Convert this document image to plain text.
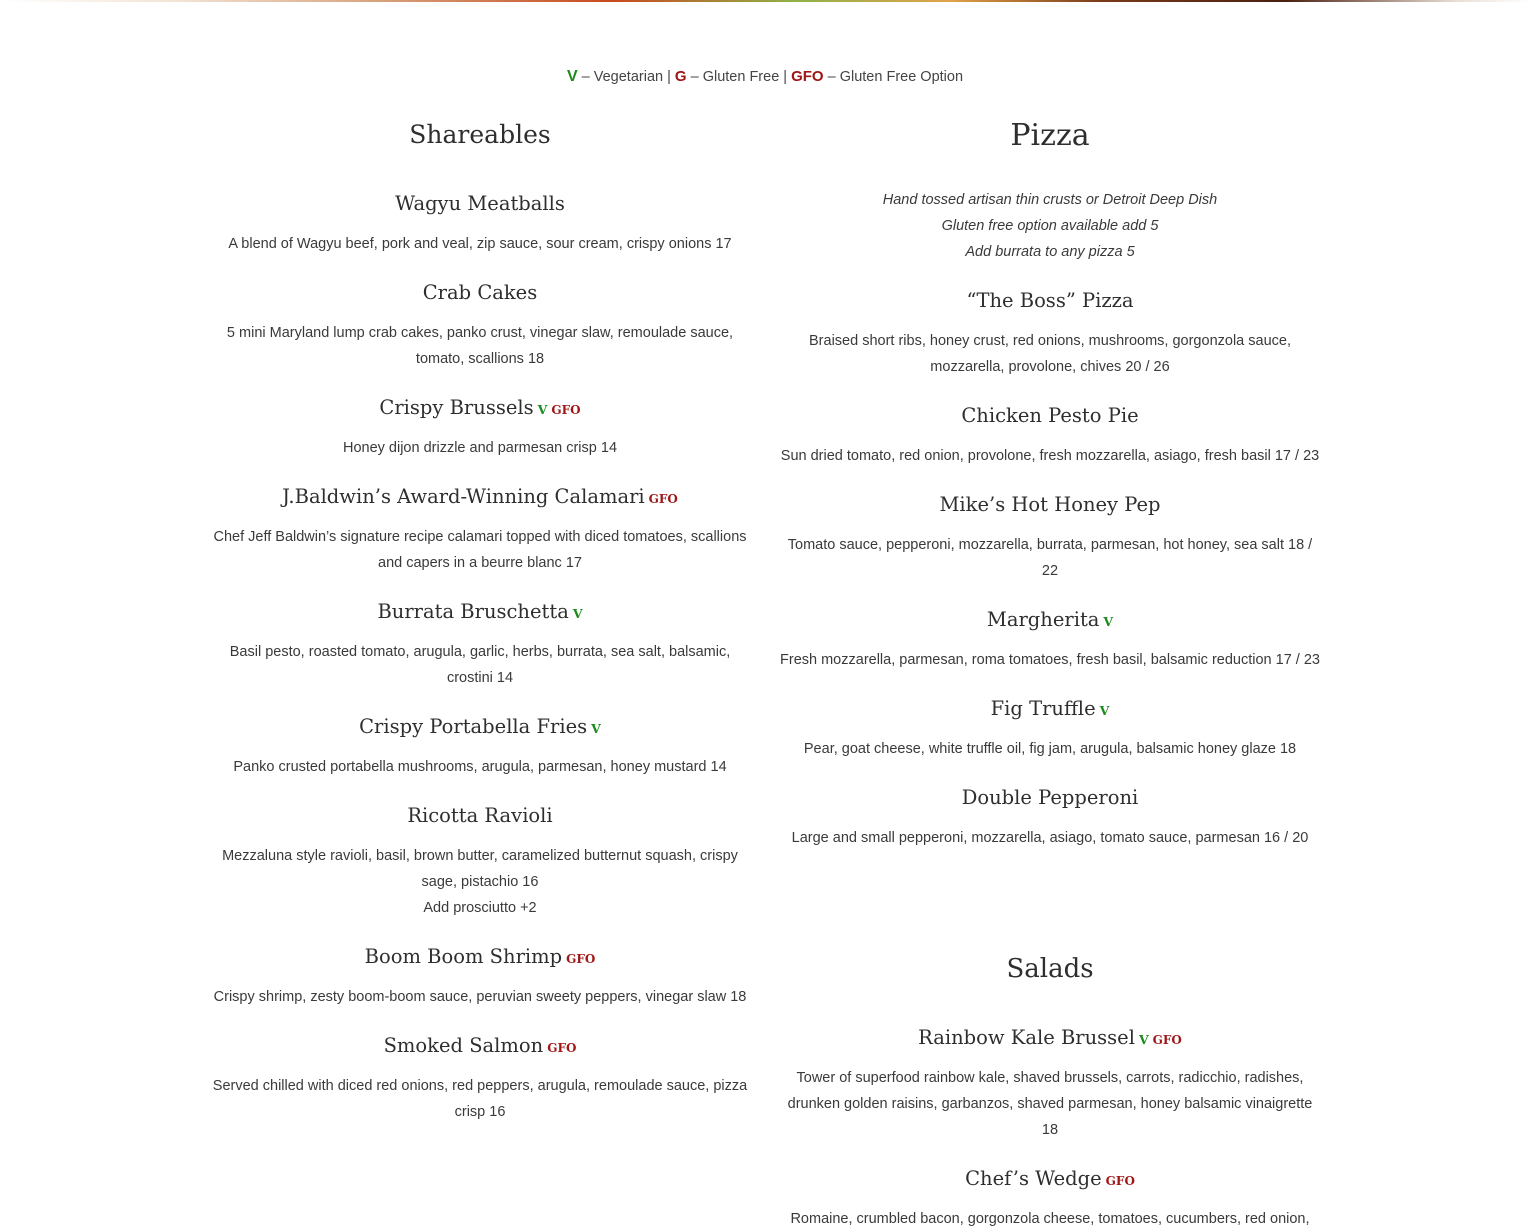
V – Vegetarian | G – Gluten Free | GFO – Gluten Free Option
Shareables
Wagyu Meatballs
A blend of Wagyu beef, pork and veal, zip sauce, sour cream, crispy onions 17
Crab Cakes
5 mini Maryland lump crab cakes, panko crust, vinegar slaw, remoulade sauce, tomato, scallions 18
Crispy Brussels V GFO
Honey dijon drizzle and parmesan crisp 14
J.Baldwin’s Award-Winning Calamari GFO
Chef Jeff Baldwin’s signature recipe calamari topped with diced tomatoes, scallions and capers in a beurre blanc 17
Burrata Bruschetta V
Basil pesto, roasted tomato, arugula, garlic, herbs, burrata, sea salt, balsamic, crostini 14
Crispy Portabella Fries V
Panko crusted portabella mushrooms, arugula, parmesan, honey mustard 14
Ricotta Ravioli
Mezzaluna style ravioli, basil, brown butter, caramelized butternut squash, crispy sage, pistachio 16
Add prosciutto +2
Boom Boom Shrimp GFO
Crispy shrimp, zesty boom-boom sauce, peruvian sweety peppers, vinegar slaw 18
Smoked Salmon GFO
Served chilled with diced red onions, red peppers, arugula, remoulade sauce, pizza crisp 16
Pizza
Hand tossed artisan thin crusts or Detroit Deep Dish
Gluten free option available add 5
Add burrata to any pizza 5
“The Boss” Pizza
Braised short ribs, honey crust, red onions, mushrooms, gorgonzola sauce, mozzarella, provolone, chives 20 / 26
Chicken Pesto Pie
Sun dried tomato, red onion, provolone, fresh mozzarella, asiago, fresh basil 17 / 23
Mike’s Hot Honey Pep
Tomato sauce, pepperoni, mozzarella, burrata, parmesan, hot honey, sea salt 18 / 22
Margherita V
Fresh mozzarella, parmesan, roma tomatoes, fresh basil, balsamic reduction 17 / 23
Fig Truffle V
Pear, goat cheese, white truffle oil, fig jam, arugula, balsamic honey glaze 18
Double Pepperoni
Large and small pepperoni, mozzarella, asiago, tomato sauce, parmesan 16 / 20
Salads
Rainbow Kale Brussel V GFO
Tower of superfood rainbow kale, shaved brussels, carrots, radicchio, radishes, drunken golden raisins, garbanzos, shaved parmesan, honey balsamic vinaigrette 18
Chef’s Wedge GFO
Romaine, crumbled bacon, gorgonzola cheese, tomatoes, cucumbers, red onion,
